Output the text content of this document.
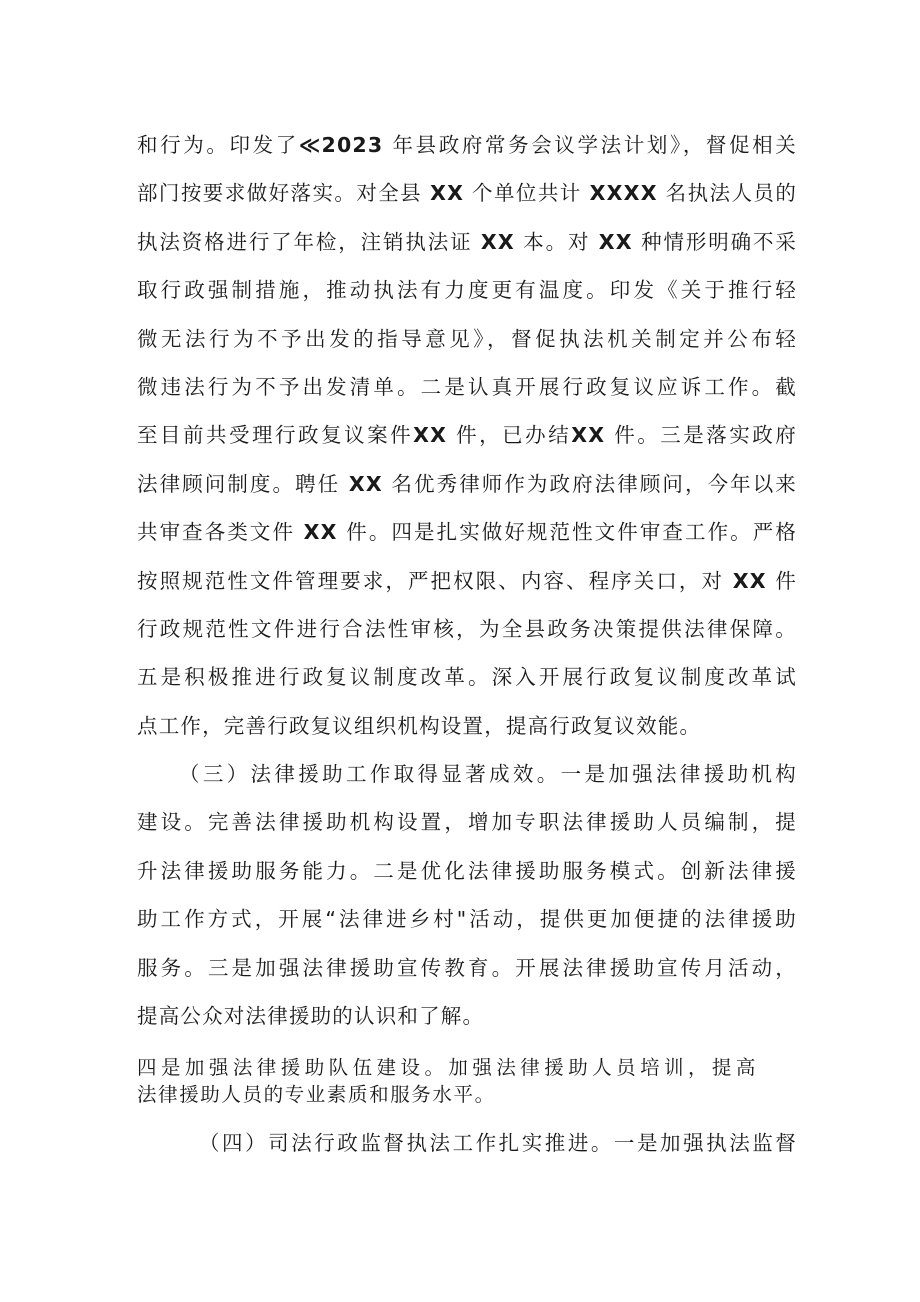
和行为。印发了≪2023 年县政府常务会议学法计划》，督促相关
部门按要求做好落实。对全县 XX 个单位共计 XXXX 名执法人员的
执法资格进行了年检，注销执法证 XX 本。对 XX 种情形明确不采
取行政强制措施，推动执法有力度更有温度。印发《关于推行轻
微无法行为不予出发的指导意见》，督促执法机关制定并公布轻
微违法行为不予出发清单。二是认真开展行政复议应诉工作。截
至目前共受理行政复议案件XX 件，已办结XX 件。三是落实政府
法律顾问制度。聘任 XX 名优秀律师作为政府法律顾问，今年以来
共审查各类文件 XX 件。四是扎实做好规范性文件审查工作。严格
按照规范性文件管理要求，严把权限、内容、程序关口，对 XX 件
行政规范性文件进行合法性审核，为全县政务决策提供法律保障。
五是积极推进行政复议制度改革。深入开展行政复议制度改革试
点工作，完善行政复议组织机构设置，提高行政复议效能。
（三）法律援助工作取得显著成效。一是加强法律援助机构
建设。完善法律援助机构设置，增加专职法律援助人员编制，提
升法律援助服务能力。二是优化法律援助服务模式。创新法律援
助工作方式，开展“法律进乡村"活动，提供更加便捷的法律援助
服务。三是加强法律援助宣传教育。开展法律援助宣传月活动，
提高公众对法律援助的认识和了解。
四是加强法律援助队伍建设。加强法律援助人员培训，提高
法律援助人员的专业素质和服务水平。
（四）司法行政监督执法工作扎实推进。一是加强执法监督
